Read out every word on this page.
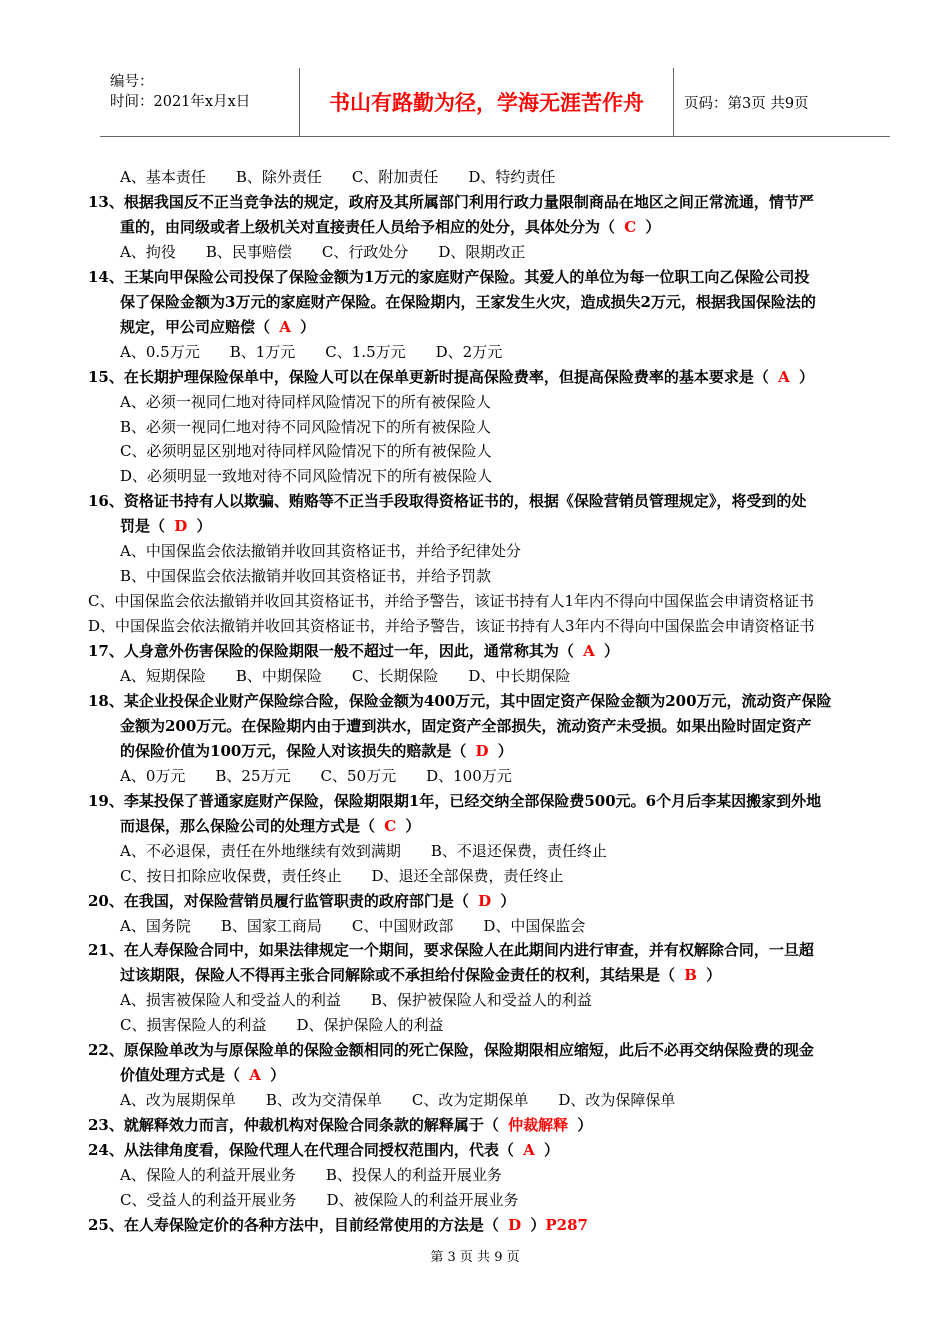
编号：
时间：2021年x月x日	书山有路勤为径，学海无涯苦作舟	页码：第3页 共9页
A、基本责任 B、除外责任 C、附加责任 D、特约责任
13、根据我国反不正当竞争法的规定，政府及其所属部门利用行政力量限制商品在地区之间正常流通，情节严
重的，由同级或者上级机关对直接责任人员给予相应的处分，具体处分为（ C ）
A、拘役 B、民事赔偿 C、行政处分 D、限期改正
14、王某向甲保险公司投保了保险金额为1万元的家庭财产保险。其爱人的单位为每一位职工向乙保险公司投
保了保险金额为3万元的家庭财产保险。在保险期内，王家发生火灾，造成损失2万元，根据我国保险法的
规定，甲公司应赔偿（ A ）
A、0.5万元 B、1万元 C、1.5万元 D、2万元
15、在长期护理保险保单中，保险人可以在保单更新时提高保险费率，但提高保险费率的基本要求是（ A ）
A、必须一视同仁地对待同样风险情况下的所有被保险人
B、必须一视同仁地对待不同风险情况下的所有被保险人
C、必须明显区别地对待同样风险情况下的所有被保险人
D、必须明显一致地对待不同风险情况下的所有被保险人
16、资格证书持有人以欺骗、贿赂等不正当手段取得资格证书的，根据《保险营销员管理规定》，将受到的处
罚是（ D ）
A、中国保监会依法撤销并收回其资格证书，并给予纪律处分
B、中国保监会依法撤销并收回其资格证书，并给予罚款
C、中国保监会依法撤销并收回其资格证书，并给予警告，该证书持有人1年内不得向中国保监会申请资格证书
D、中国保监会依法撤销并收回其资格证书，并给予警告，该证书持有人3年内不得向中国保监会申请资格证书
17、人身意外伤害保险的保险期限一般不超过一年，因此，通常称其为（ A ）
A、短期保险 B、中期保险 C、长期保险 D、中长期保险
18、某企业投保企业财产保险综合险，保险金额为400万元，其中固定资产保险金额为200万元，流动资产保险
金额为200万元。在保险期内由于遭到洪水，固定资产全部损失，流动资产未受损。如果出险时固定资产
的保险价值为100万元，保险人对该损失的赔款是（ D ）
A、0万元 B、25万元 C、50万元 D、100万元
19、李某投保了普通家庭财产保险，保险期限期1年，已经交纳全部保险费500元。6个月后李某因搬家到外地
而退保，那么保险公司的处理方式是（ C ）
A、不必退保，责任在外地继续有效到满期 B、不退还保费，责任终止
C、按日扣除应收保费，责任终止 D、退还全部保费，责任终止
20、在我国，对保险营销员履行监管职责的政府部门是（ D ）
A、国务院 B、国家工商局 C、中国财政部 D、中国保监会
21、在人寿保险合同中，如果法律规定一个期间，要求保险人在此期间内进行审查，并有权解除合同，一旦超
过该期限，保险人不得再主张合同解除或不承担给付保险金责任的权利，其结果是（ B ）
A、损害被保险人和受益人的利益 B、保护被保险人和受益人的利益
C、损害保险人的利益 D、保护保险人的利益
22、原保险单改为与原保险单的保险金额相同的死亡保险，保险期限相应缩短，此后不必再交纳保险费的现金
价值处理方式是（ A ）
A、改为展期保单 B、改为交清保单 C、改为定期保单 D、改为保障保单
23、就解释效力而言，仲裁机构对保险合同条款的解释属于（ 仲裁解释 ）
24、从法律角度看，保险代理人在代理合同授权范围内，代表（ A ）
A、保险人的利益开展业务 B、投保人的利益开展业务
C、受益人的利益开展业务 D、被保险人的利益开展业务
25、在人寿保险定价的各种方法中，目前经常使用的方法是（ D ）P287
第 3 页 共 9 页
